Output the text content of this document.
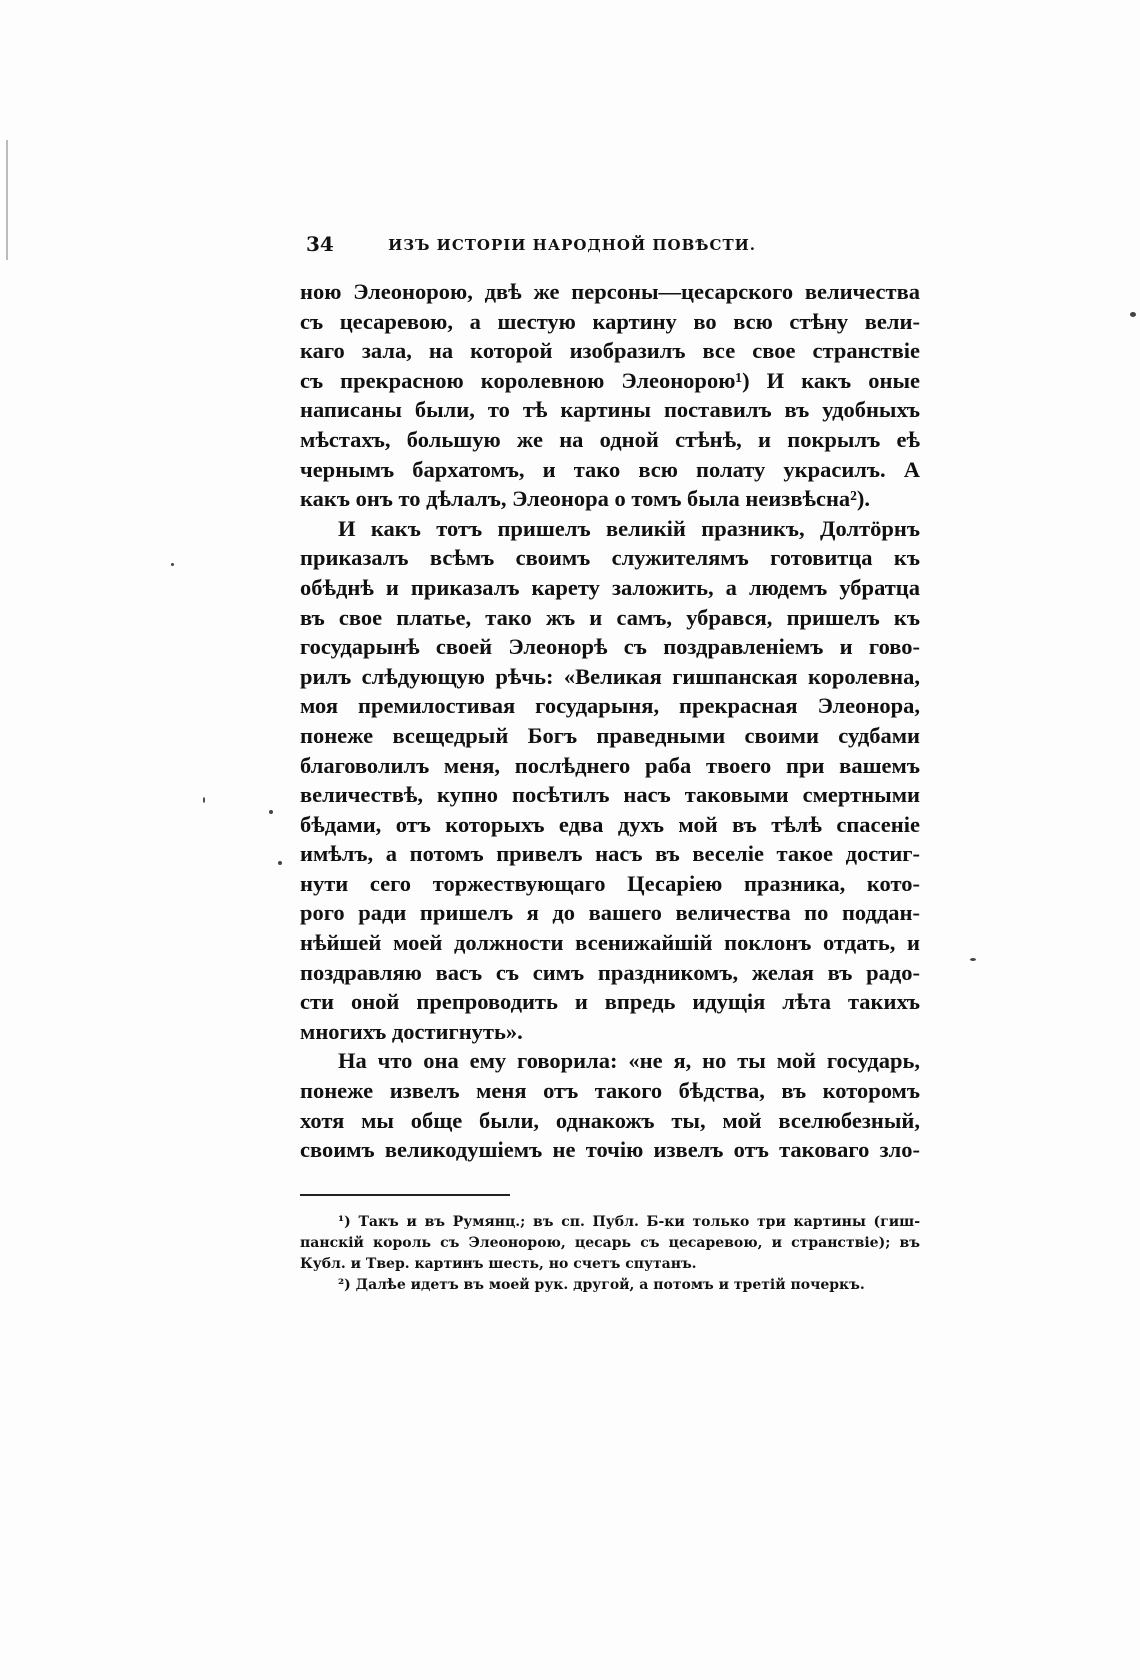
34	ИЗЪ ИСТОРІИ НАРОДНОЙ ПОВѢСТИ.
ною Элеонорою, двѣ же персоны—цесарского величества
съ цесаревою, а шестую картину во всю стѣну вели-
каго зала, на которой изобразилъ все свое странствіе
съ прекрасною королевною Элеонорою¹) И какъ оные
написаны были, то тѣ картины поставилъ въ удобныхъ
мѣстахъ, большую же на одной стѣнѣ, и покрылъ еѣ
чернымъ бархатомъ, и тако всю полату украсилъ. А
какъ онъ то дѣлалъ, Элеонора о томъ была неизвѣсна²).
И какъ тотъ пришелъ великій празникъ, Долтöрнъ
приказалъ всѣмъ своимъ служителямъ готовитца къ
обѣднѣ и приказалъ карету заложить, а людемъ убратца
въ свое платье, тако жъ и самъ, убрався, пришелъ къ
государынѣ своей Элеонорѣ съ поздравленіемъ и гово-
рилъ слѣдующую рѣчь: «Великая гишпанская королевна,
моя премилостивая государыня, прекрасная Элеонора,
понеже всещедрый Богъ праведными своими судбами
благоволилъ меня, послѣднего раба твоего при вашемъ
величествѣ, купно посѣтилъ насъ таковыми смертными
бѣдами, отъ которыхъ едва духъ мой въ тѣлѣ спасеніе
имѣлъ, а потомъ привелъ насъ въ веселіе такое достиг-
нути сего торжествующаго Цесаріею празника, кото-
рого ради пришелъ я до вашего величества по поддан-
нѣйшей моей должности всенижайшій поклонъ отдать, и
поздравляю васъ съ симъ праздникомъ, желая въ радо-
сти оной препроводить и впредь идущія лѣта такихъ
многихъ достигнуть».
На что она ему говорила: «не я, но ты мой государь,
понеже извелъ меня отъ такого бѣдства, въ которомъ
хотя мы обще были, однакожъ ты, мой вселюбезный,
своимъ великодушіемъ не точію извелъ отъ таковаго зло-
¹) Такъ и въ Румянц.; въ сп. Публ. Б-ки только три картины (гиш-
панскій король съ Элеонорою, цесарь съ цесаревою, и странствіе); въ
Кубл. и Твер. картинъ шесть, но счетъ спутанъ.
²) Далѣе идетъ въ моей рук. другой, а потомъ и третій почеркъ.
